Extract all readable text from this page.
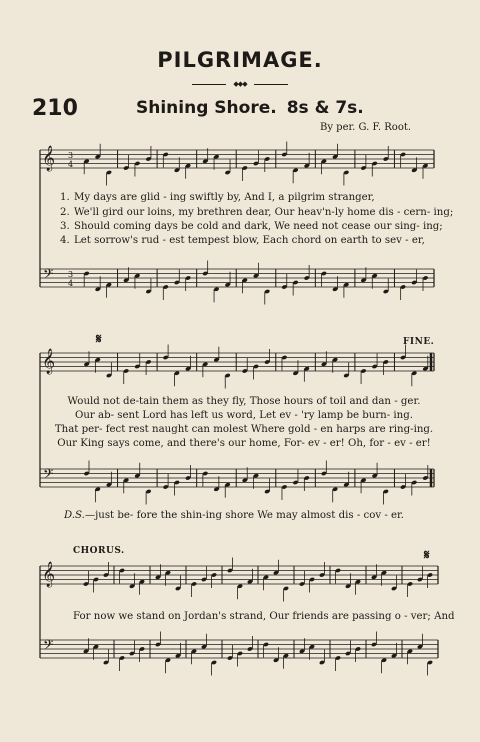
PILGRIMAGE.
◆◆◆
210	Shining Shore. 8s & 7s.
By per. G. F. Root.
𝄞
𝄢
3
4
3
4
𝄞
𝄢
𝄞
𝄢
1. My days are glid - ing swiftly by, And I, a pilgrim stranger,
2. We'll gird our loins, my brethren dear, Our heav'n-ly home dis - cern- ing;
3. Should coming days be cold and dark, We need not cease our sing- ing;
4. Let sorrow's rud - est tempest blow, Each chord on earth to sev - er,
𝄋	FINE.
Would not de-tain them as they fly, Those hours of toil and dan - ger.
Our ab- sent Lord has left us word, Let ev - 'ry lamp be burn- ing.
That per- fect rest naught can molest Where gold - en harps are ring-ing.
Our King says come, and there's our home, For- ev - er! Oh, for - ev - er!
D.S.—just be- fore the shin-ing shore We may almost dis - cov - er.
CHORUS.	𝄋
For now we stand on Jordan's strand, Our friends are passing o - ver; And
